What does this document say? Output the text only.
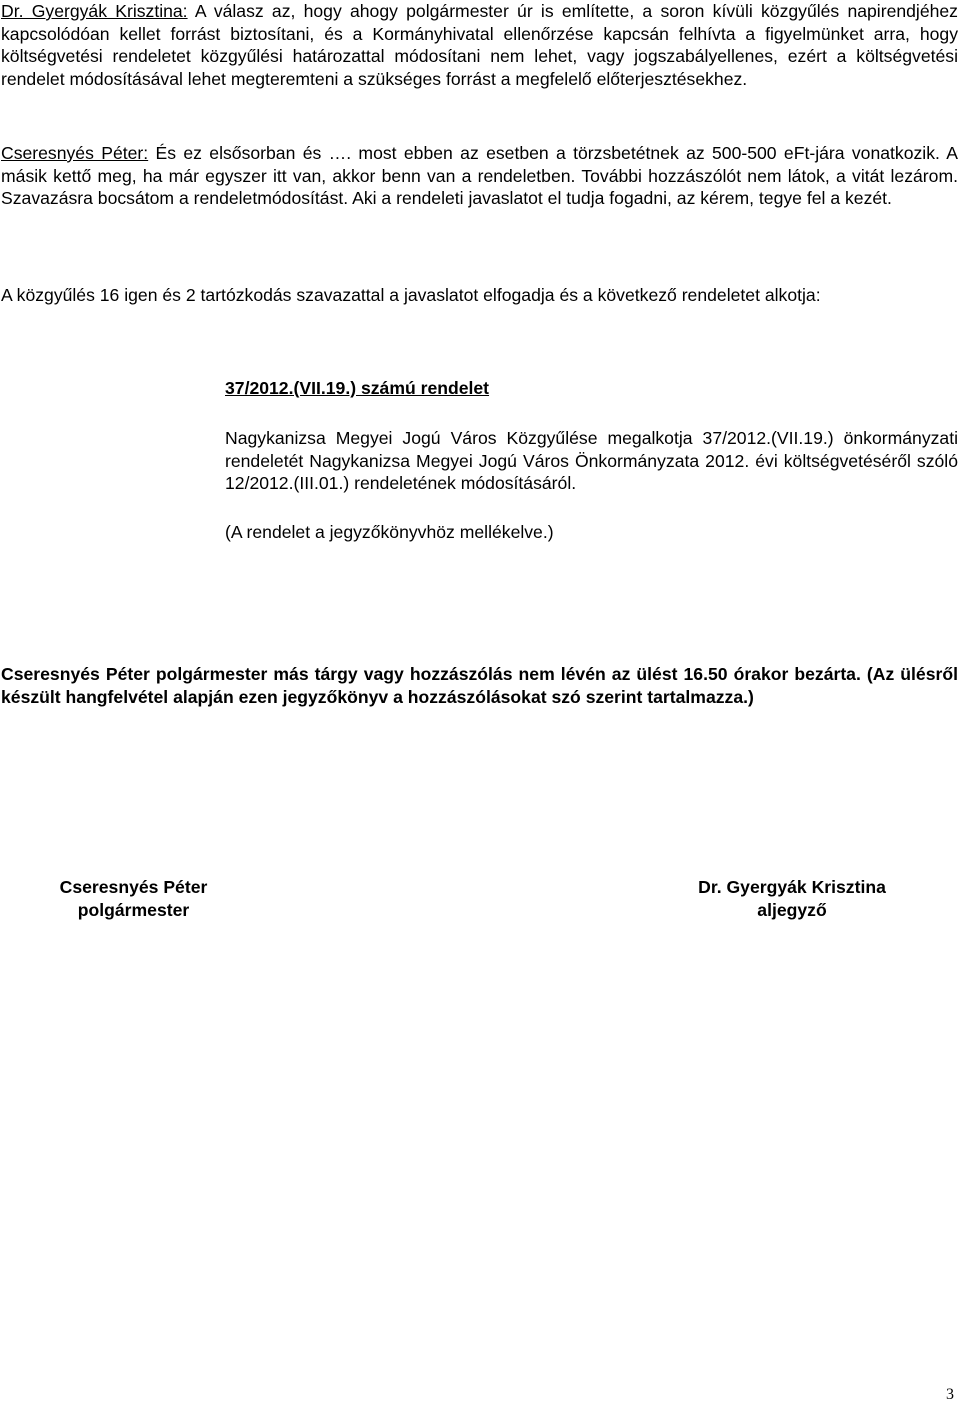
Dr. Gyergyák Krisztina: A válasz az, hogy ahogy polgármester úr is említette, a soron kívüli közgyűlés napirendjéhez kapcsolódóan kellet forrást biztosítani, és a Kormányhivatal ellenőrzése kapcsán felhívta a figyelmünket arra, hogy költségvetési rendeletet közgyűlési határozattal módosítani nem lehet, vagy jogszabályellenes, ezért a költségvetési rendelet módosításával lehet megteremteni a szükséges forrást a megfelelő előterjesztésekhez.

Cseresnyés Péter: És ez elsősorban és …. most ebben az esetben a törzsbetétnek az 500-500 eFt-jára vonatkozik. A másik kettő meg, ha már egyszer itt van, akkor benn van a rendeletben. További hozzászólót nem látok, a vitát lezárom. Szavazásra bocsátom a rendeletmódosítást. Aki a rendeleti javaslatot el tudja fogadni, az kérem, tegye fel a kezét.

A közgyűlés 16 igen és 2 tartózkodás szavazattal a javaslatot elfogadja és a következő rendeletet alkotja:

37/2012.(VII.19.) számú rendelet

Nagykanizsa Megyei Jogú Város Közgyűlése megalkotja 37/2012.(VII.19.) önkormányzati rendeletét Nagykanizsa Megyei Jogú Város Önkormányzata 2012. évi költségvetéséről szóló 12/2012.(III.01.) rendeletének módosításáról.

(A rendelet a jegyzőkönyvhöz mellékelve.)

Cseresnyés Péter polgármester más tárgy vagy hozzászólás nem lévén az ülést 16.50 órakor bezárta. (Az ülésről készült hangfelvétel alapján ezen jegyzőkönyv a hozzászólásokat szó szerint tartalmazza.)

Cseresnyés Péter
polgármester
Dr. Gyergyák Krisztina
aljegyző
3
